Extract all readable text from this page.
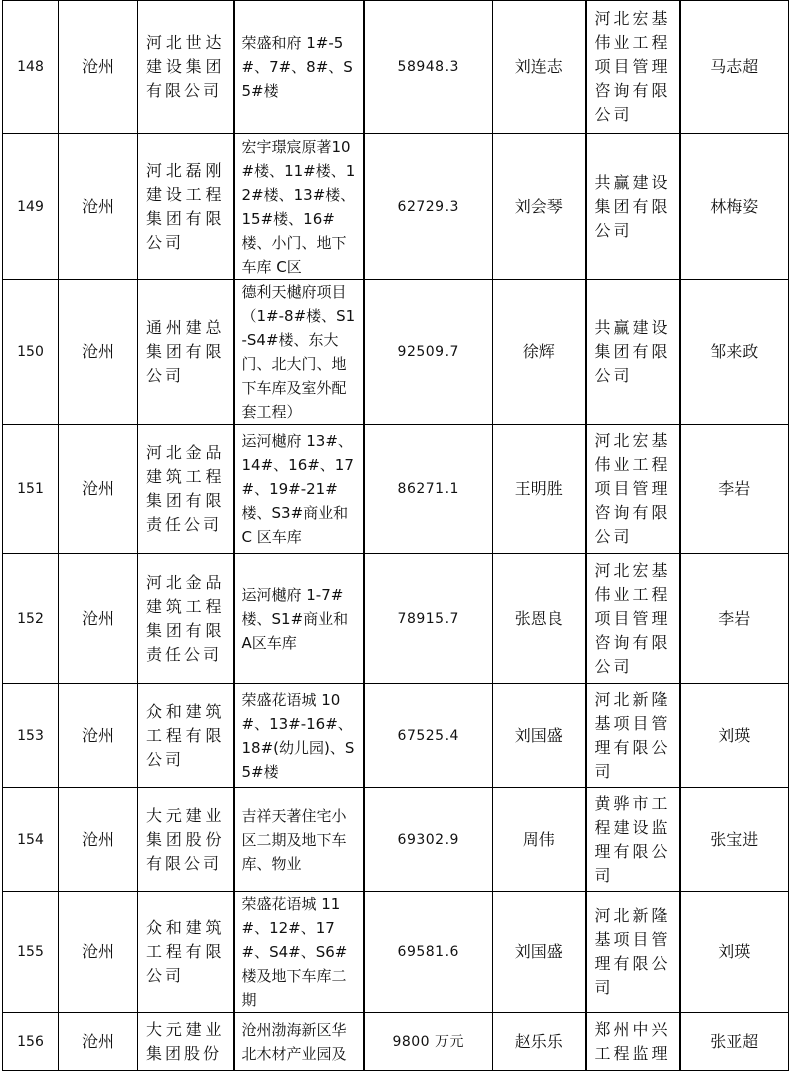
148	沧州	河北世达建设集团有限公司	荣盛和府 1#-5#、7#、8#、S5#楼	58948.3	刘连志	河北宏基伟业工程项目管理咨询有限公司	马志超
149	沧州	河北磊刚建设工程集团有限公司	宏宇璟宸原著10#楼、11#楼、12#楼、13#楼、15#楼、16#楼、小门、地下车库 C区	62729.3	刘会琴	共赢建设集团有限公司	林梅姿
150	沧州	通州建总集团有限公司	德利天樾府项目（1#-8#楼、S1-S4#楼、东大门、北大门、地下车库及室外配套工程）	92509.7	徐辉	共赢建设集团有限公司	邹来政
151	沧州	河北金品建筑工程集团有限责任公司	运河樾府 13#、14#、16#、17#、19#-21#楼、S3#商业和 C 区车库	86271.1	王明胜	河北宏基伟业工程项目管理咨询有限公司	李岩
152	沧州	河北金品建筑工程集团有限责任公司	运河樾府 1-7#楼、S1#商业和 A区车库	78915.7	张恩良	河北宏基伟业工程项目管理咨询有限公司	李岩
153	沧州	众和建筑工程有限公司	荣盛花语城 10#、13#-16#、18#(幼儿园)、S5#楼	67525.4	刘国盛	河北新隆基项目管理有限公司	刘瑛
154	沧州	大元建业集团股份有限公司	吉祥天著住宅小区二期及地下车库、物业	69302.9	周伟	黄骅市工程建设监理有限公司	张宝进
155	沧州	众和建筑工程有限公司	荣盛花语城 11#、12#、17#、S4#、S6#楼及地下车库二期	69581.6	刘国盛	河北新隆基项目管理有限公司	刘瑛
156	沧州	大元建业集团股份	沧州渤海新区华北木材产业园及	9800 万元	赵乐乐	郑州中兴工程监理	张亚超
